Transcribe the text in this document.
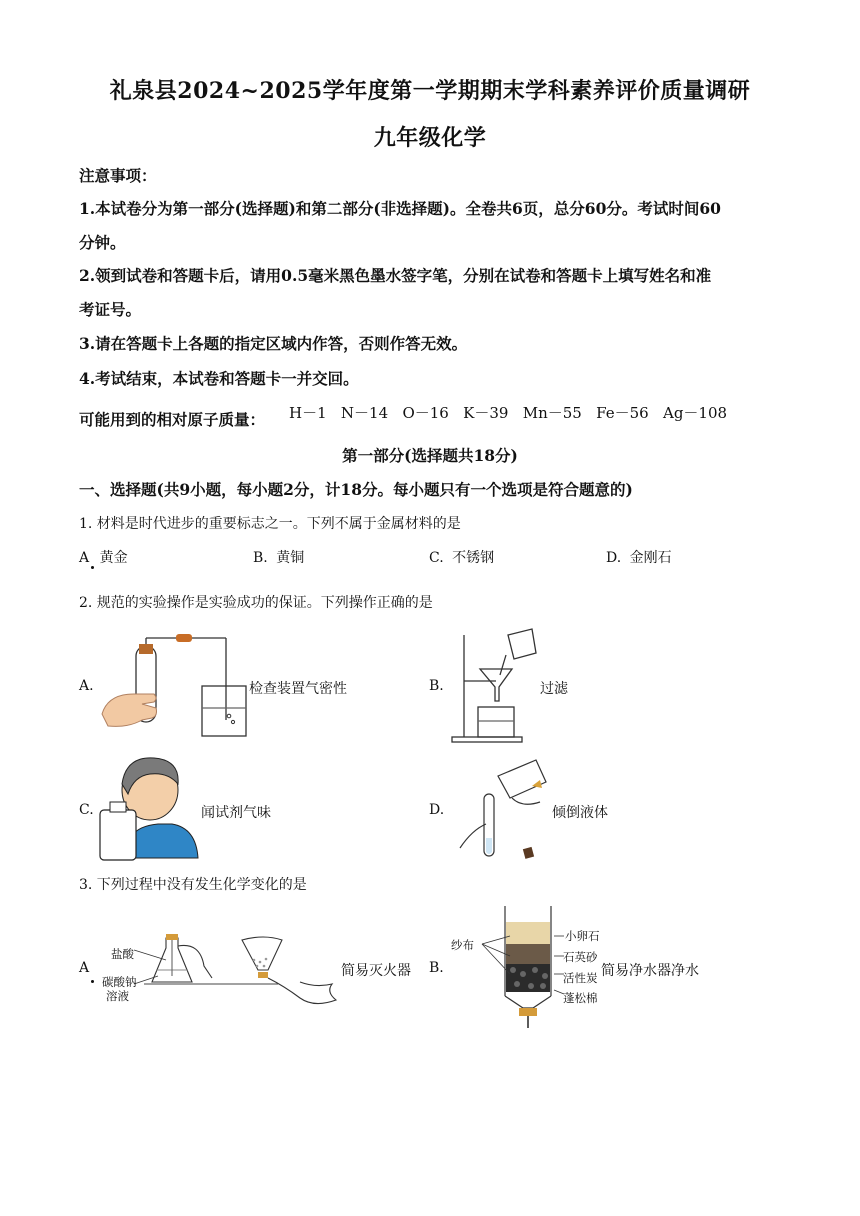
礼泉县2024~2025学年度第一学期期末学科素养评价质量调研
九年级化学
注意事项：
1.本试卷分为第一部分(选择题)和第二部分(非选择题)。全卷共6页，总分60分。考试时间60
分钟。
2.领到试卷和答题卡后，请用0.5毫米黑色墨水签字笔，分别在试卷和答题卡上填写姓名和准
考证号。
3.请在答题卡上各题的指定区域内作答，否则作答无效。
4.考试结束，本试卷和答题卡一并交回。
可能用到的相对原子质量： H－1   N－14   O－16   K－39   Mn－55   Fe－56   Ag－108
第一部分(选择题共18分)
一、选择题(共9小题，每小题2分，计18分。每小题只有一个选项是符合题意的)
1. 材料是时代进步的重要标志之一。下列不属于金属材料的是
A 黄金	B. 黄铜	C. 不锈钢	D. 金刚石
2. 规范的实验操作是实验成功的保证。下列操作正确的是
A.	检查装置气密性	B.	过滤
C.	闻试剂气味	D.	倾倒液体
3. 下列过程中没有发生化学变化的是
A
盐酸
碳酸钠
溶液
简易灭火器 B.
纱布
小卵石
石英砂
活性炭
蓬松棉
简易净水器净水
